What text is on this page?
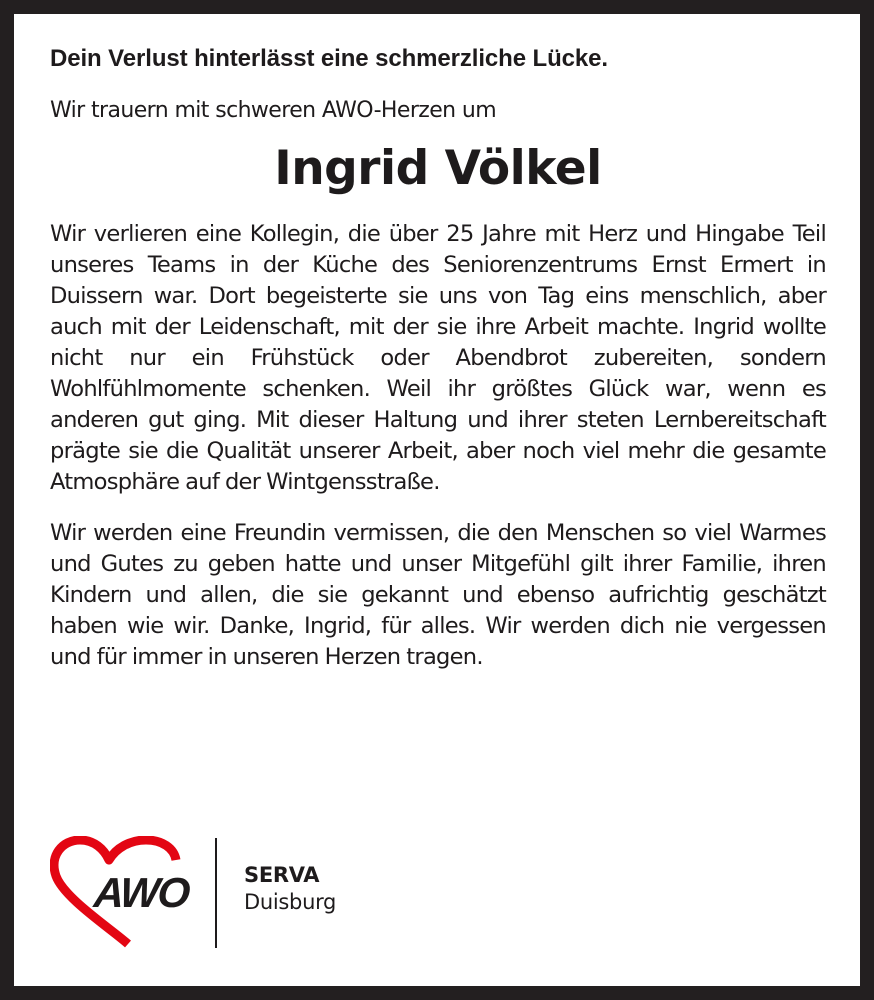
Dein Verlust hinterlässt eine schmerzliche Lücke.

Wir trauern mit schweren AWO-Herzen um

Ingrid Völkel

Wir verlieren eine Kollegin, die über 25 Jahre mit Herz und Hingabe Teil unseres Teams in der Küche des Seniorenzentrums Ernst Ermert in Duissern war. Dort begeisterte sie uns von Tag eins menschlich, aber auch mit der Leidenschaft, mit der sie ihre Arbeit machte. Ingrid wollte nicht nur ein Frühstück oder Abendbrot zubereiten, sondern Wohlfühlmomente schenken. Weil ihr größtes Glück war, wenn es anderen gut ging. Mit dieser Haltung und ihrer steten Lernbereitschaft prägte sie die Qualität unserer Arbeit, aber noch viel mehr die gesamte Atmosphäre auf der Wintgensstraße.

Wir werden eine Freundin vermissen, die den Menschen so viel Warmes und Gutes zu geben hatte und unser Mitgefühl gilt ihrer Familie, ihren Kindern und allen, die sie gekannt und ebenso aufrichtig geschätzt haben wie wir. Danke, Ingrid, für alles. Wir werden dich nie vergessen und für immer in unseren Herzen tragen.

AWO	SERVA
Duisburg
